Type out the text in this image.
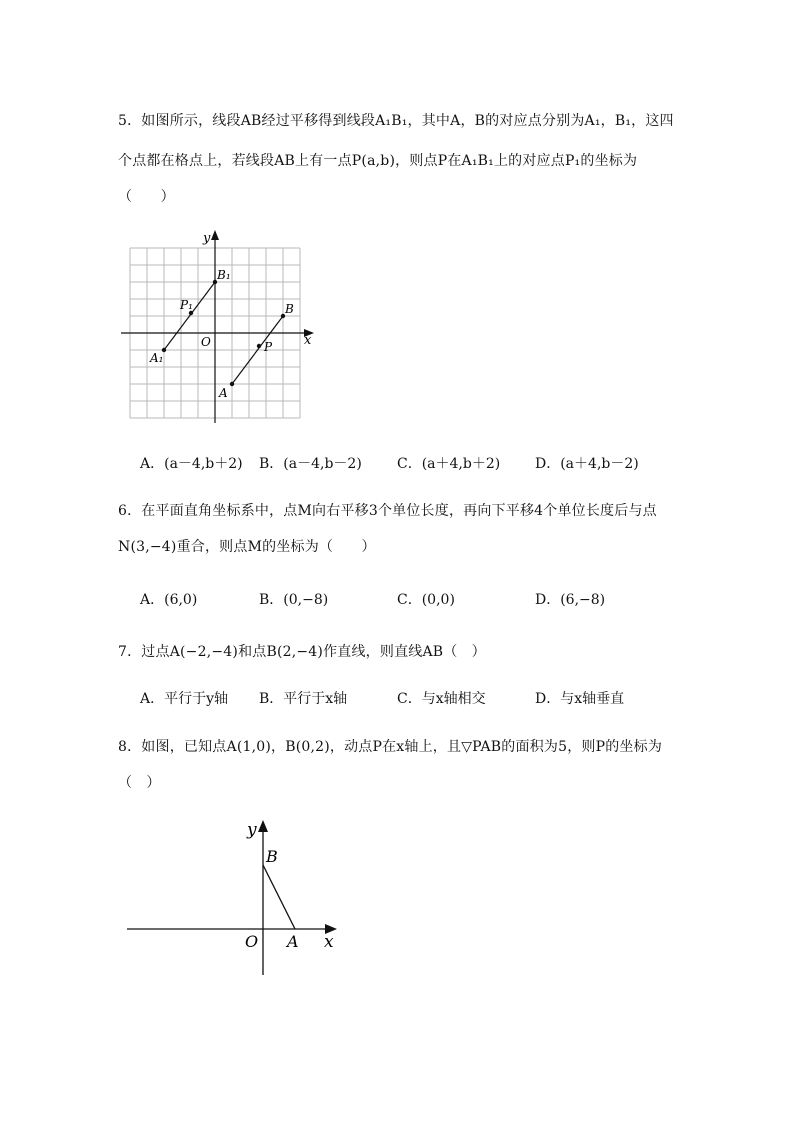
5．如图所示，线段AB经过平移得到线段A₁B₁，其中A，B的对应点分别为A₁，B₁，这四
个点都在格点上，若线段AB上有一点P(a,b)，则点P在A₁B₁上的对应点P₁的坐标为
（　　）
y
x
O
B₁
P₁
A₁
B
P
A
A．(a－4,b＋2) B．(a－4,b－2)	C．(a＋4,b＋2) D．(a＋4,b－2)
6．在平面直角坐标系中，点M向右平移3个单位长度，再向下平移4个单位长度后与点
N(3,−4)重合，则点M的坐标为（　　）
A．(6,0)	B．(0,−8)	C．(0,0)	D．(6,−8)
7．过点A(−2,−4)和点B(2,−4)作直线，则直线AB（　）
A．平行于y轴 B．平行于x轴	C．与x轴相交	D．与x轴垂直
8．如图，已知点A(1,0)，B(0,2)，动点P在x轴上，且▽PAB的面积为5，则P的坐标为
（　）
y
B
O A x
